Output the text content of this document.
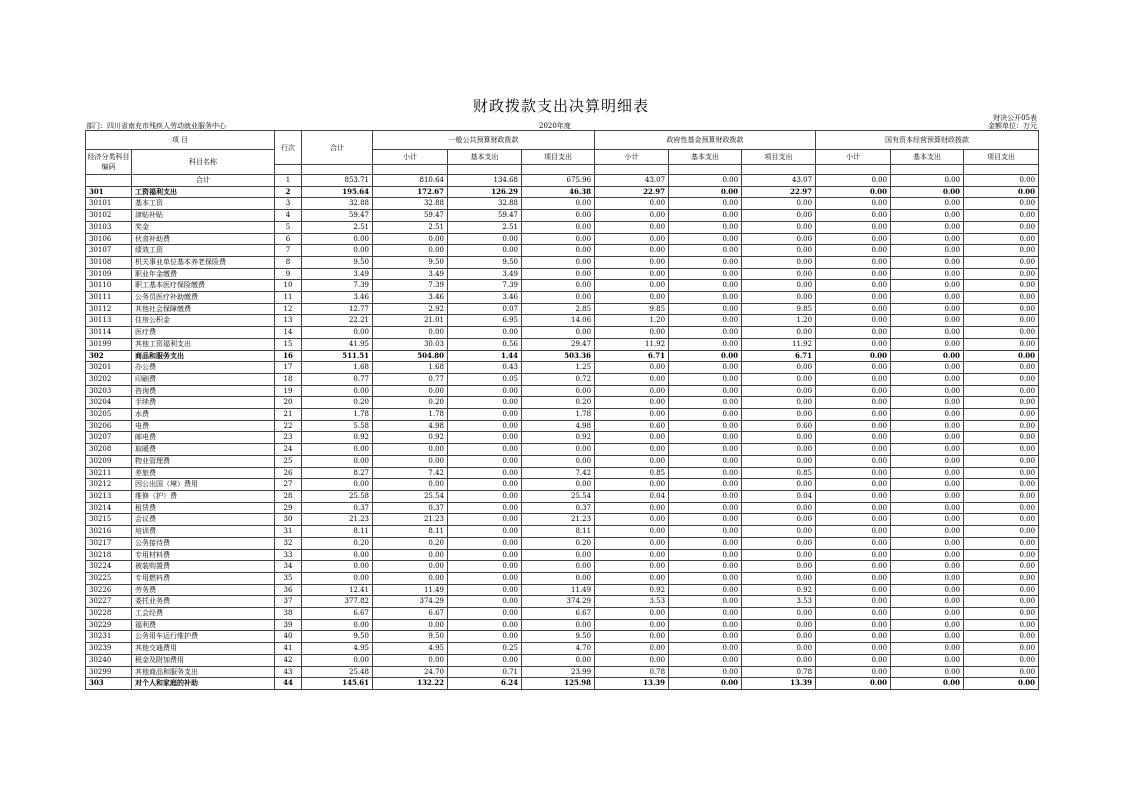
财政拨款支出决算明细表
财决公开05表
金额单位：万元
部门：四川省南充市残疾人劳动就业服务中心	2020年度
项 目		行次	合计	一般公共预算财政拨款			政府性基金预算财政拨款			国有资本经营预算财政拨款		
经济分类科目编码	科目名称			小计	基本支出	项目支出	小计	基本支出	项目支出	小计	基本支出	项目支出

	合计	1	853.71	810.64	134.68	675.96	43.07	0.00	43.07	0.00	0.00	0.00
301	工资福利支出	2	195.64	172.67	126.29	46.38	22.97	0.00	22.97	0.00	0.00	0.00
30101	基本工资	3	32.88	32.88	32.88	0.00	0.00	0.00	0.00	0.00	0.00	0.00
30102	津贴补贴	4	59.47	59.47	59.47	0.00	0.00	0.00	0.00	0.00	0.00	0.00
30103	奖金	5	2.51	2.51	2.51	0.00	0.00	0.00	0.00	0.00	0.00	0.00
30106	伙食补助费	6	0.00	0.00	0.00	0.00	0.00	0.00	0.00	0.00	0.00	0.00
30107	绩效工资	7	0.00	0.00	0.00	0.00	0.00	0.00	0.00	0.00	0.00	0.00
30108	机关事业单位基本养老保险费	8	9.50	9.50	9.50	0.00	0.00	0.00	0.00	0.00	0.00	0.00
30109	职业年金缴费	9	3.49	3.49	3.49	0.00	0.00	0.00	0.00	0.00	0.00	0.00
30110	职工基本医疗保险缴费	10	7.39	7.39	7.39	0.00	0.00	0.00	0.00	0.00	0.00	0.00
30111	公务员医疗补助缴费	11	3.46	3.46	3.46	0.00	0.00	0.00	0.00	0.00	0.00	0.00
30112	其他社会保障缴费	12	12.77	2.92	0.07	2.85	9.85	0.00	9.85	0.00	0.00	0.00
30113	住房公积金	13	22.21	21.01	6.95	14.06	1.20	0.00	1.20	0.00	0.00	0.00
30114	医疗费	14	0.00	0.00	0.00	0.00	0.00	0.00	0.00	0.00	0.00	0.00
30199	其他工资福利支出	15	41.95	30.03	0.56	29.47	11.92	0.00	11.92	0.00	0.00	0.00
302	商品和服务支出	16	511.51	504.80	1.44	503.36	6.71	0.00	6.71	0.00	0.00	0.00
30201	办公费	17	1.68	1.68	0.43	1.25	0.00	0.00	0.00	0.00	0.00	0.00
30202	印刷费	18	0.77	0.77	0.05	0.72	0.00	0.00	0.00	0.00	0.00	0.00
30203	咨询费	19	0.00	0.00	0.00	0.00	0.00	0.00	0.00	0.00	0.00	0.00
30204	手续费	20	0.20	0.20	0.00	0.20	0.00	0.00	0.00	0.00	0.00	0.00
30205	水费	21	1.78	1.78	0.00	1.78	0.00	0.00	0.00	0.00	0.00	0.00
30206	电费	22	5.58	4.98	0.00	4.98	0.60	0.00	0.60	0.00	0.00	0.00
30207	邮电费	23	0.92	0.92	0.00	0.92	0.00	0.00	0.00	0.00	0.00	0.00
30208	取暖费	24	0.00	0.00	0.00	0.00	0.00	0.00	0.00	0.00	0.00	0.00
30209	物业管理费	25	0.00	0.00	0.00	0.00	0.00	0.00	0.00	0.00	0.00	0.00
30211	差旅费	26	8.27	7.42	0.00	7.42	0.85	0.00	0.85	0.00	0.00	0.00
30212	因公出国（境）费用	27	0.00	0.00	0.00	0.00	0.00	0.00	0.00	0.00	0.00	0.00
30213	维修（护）费	28	25.58	25.54	0.00	25.54	0.04	0.00	0.04	0.00	0.00	0.00
30214	租赁费	29	0.37	0.37	0.00	0.37	0.00	0.00	0.00	0.00	0.00	0.00
30215	会议费	30	21.23	21.23	0.00	21.23	0.00	0.00	0.00	0.00	0.00	0.00
30216	培训费	31	8.11	8.11	0.00	8.11	0.00	0.00	0.00	0.00	0.00	0.00
30217	公务接待费	32	0.20	0.20	0.00	0.20	0.00	0.00	0.00	0.00	0.00	0.00
30218	专用材料费	33	0.00	0.00	0.00	0.00	0.00	0.00	0.00	0.00	0.00	0.00
30224	被装购置费	34	0.00	0.00	0.00	0.00	0.00	0.00	0.00	0.00	0.00	0.00
30225	专用燃料费	35	0.00	0.00	0.00	0.00	0.00	0.00	0.00	0.00	0.00	0.00
30226	劳务费	36	12.41	11.49	0.00	11.49	0.92	0.00	0.92	0.00	0.00	0.00
30227	委托业务费	37	377.82	374.29	0.00	374.29	3.53	0.00	3.53	0.00	0.00	0.00
30228	工会经费	38	6.67	6.67	0.00	6.67	0.00	0.00	0.00	0.00	0.00	0.00
30229	福利费	39	0.00	0.00	0.00	0.00	0.00	0.00	0.00	0.00	0.00	0.00
30231	公务用车运行维护费	40	9.50	9.50	0.00	9.50	0.00	0.00	0.00	0.00	0.00	0.00
30239	其他交通费用	41	4.95	4.95	0.25	4.70	0.00	0.00	0.00	0.00	0.00	0.00
30240	税金及附加费用	42	0.00	0.00	0.00	0.00	0.00	0.00	0.00	0.00	0.00	0.00
30299	其他商品和服务支出	43	25.48	24.70	0.71	23.99	0.78	0.00	0.78	0.00	0.00	0.00
303	对个人和家庭的补助	44	145.61	132.22	6.24	125.98	13.39	0.00	13.39	0.00	0.00	0.00
